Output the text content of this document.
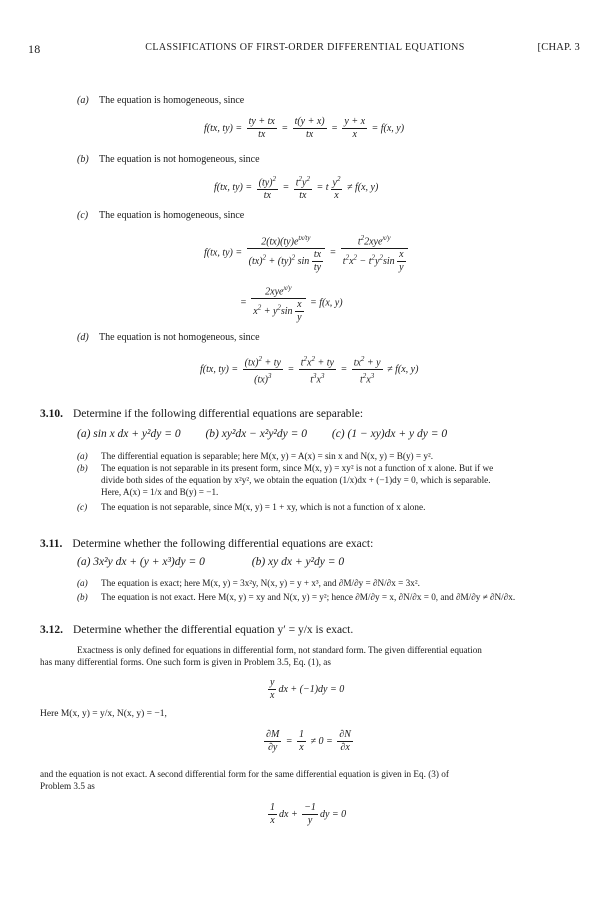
18	CLASSIFICATIONS OF FIRST-ORDER DIFFERENTIAL EQUATIONS	[CHAP. 3
(a) The equation is homogeneous, since
f(tx, $ty) = \frac{ty + tx}{tx} = \frac{t(y + x)}{tx} = \frac{y + x}{x} = f(x$, y)
(b) The equation is not homogeneous, since
f(tx, $ty) = \frac{(ty)^2}{tx} = \frac{t^2y^2}{tx} = t \frac{y^2}{x} \ne f(x$, y)
(c) The equation is homogeneous, since
f(tx, $ty) = \frac{2(tx)(ty)e^{tx/ty}}{(tx)^2 + (ty)^2 \sin \frac{tx}{ty}} = \frac{t^22xye^{x/y}}{t^2x^2 - t^2y^2\sin \frac{x}{y}}$
= $\frac{2xye^{x/y}}{x^2 + y^2\sin \frac{x}{y}} = f(x$, y)
(d) The equation is not homogeneous, since
f(tx, $ty) = \frac{(tx)^2 + ty}{(tx)^3} = \frac{t^2x^2 + ty}{t^3x^3} = \frac{tx^2 + y}{t^2x^3} \ne f(x$, y)
3.10. Determine if the following differential equations are separable:
(a) sin x dx + y²dy = 0 (b) xy²dx − x²y²dy = 0 (c) (1 − xy)dx + y dy = 0
(a)	The differential equation is separable; here M(x, y) = A(x) = sin x and N(x, y) = B(y) = y².
(b)	The equation is not separable in its present form, since M(x, y) = xy² is not a function of x alone. But if we
divide both sides of the equation by x²y², we obtain the equation (1/x)dx + (−1)dy = 0, which is separable.
Here, A(x) = 1/x and B(y) = −1.
(c)	The equation is not separable, since M(x, y) = 1 + xy, which is not a function of x alone.
3.11. Determine whether the following differential equations are exact:
(a) 3x²y dx + (y + x³)dy = 0	(b) xy dx + y²dy = 0
(a)	The equation is exact; here M(x, y) = 3x²y, N(x, y) = y + x³, and ∂M/∂y = ∂N/∂x = 3x².
(b)	The equation is not exact. Here M(x, y) = xy and N(x, y) = y²; hence ∂M/∂y = x, ∂N/∂x = 0, and ∂M/∂y ≠ ∂N/∂x.
3.12. Determine whether the differential equation y′ = y/x is exact.
Exactness is only defined for equations in differential form, not standard form. The given differential equation
has many differential forms. One such form is given in Problem 3.5, Eq. (1), as
$\frac{y}{x}$ dx + (−1)dy = 0
Here M(x, y) = y/x, N(x, y) = −1,
$\frac{\partial M}{\partial y} = \frac{1}{x} \ne 0 = \frac{\partial N}{\partial x}$
and the equation is not exact. A second differential form for the same differential equation is given in Eq. (3) of
Problem 3.5 as
$\frac{1}{x}$ dx + $\frac{-1}{y}$ dy = 0
